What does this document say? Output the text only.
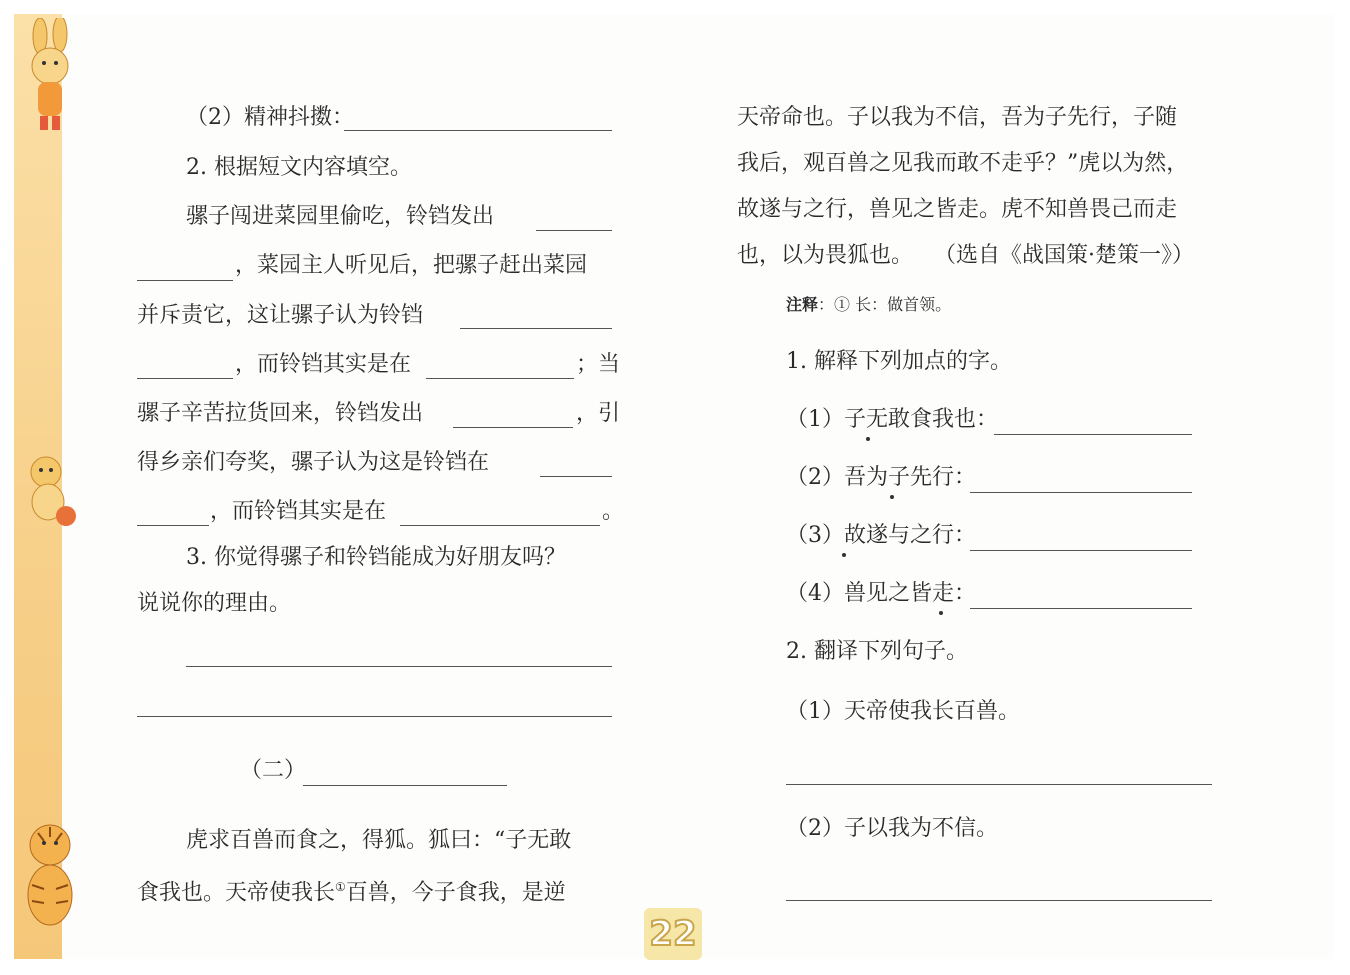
（2）精神抖擞：
2. 根据短文内容填空。
骡子闯进菜园里偷吃，铃铛发出
，菜园主人听见后，把骡子赶出菜园
并斥责它，这让骡子认为铃铛
，而铃铛其实是在	；当
骡子辛苦拉货回来，铃铛发出	，引
得乡亲们夸奖，骡子认为这是铃铛在
，而铃铛其实是在	。
3. 你觉得骡子和铃铛能成为好朋友吗？
说说你的理由。
（二）
虎求百兽而食之，得狐。狐曰：“子无敢
食我也。天帝使我长①百兽，今子食我，是逆
天帝命也。子以我为不信，吾为子先行，子随
我后，观百兽之见我而敢不走乎？”虎以为然，
故遂与之行，兽见之皆走。虎不知兽畏己而走
也，以为畏狐也。 （选自《战国策·楚策一》）
注释：① 长：做首领。
1. 解释下列加点的字。
（1）子无敢食我也：
（2）吾为子先行：
（3）故遂与之行：
（4）兽见之皆走：
2. 翻译下列句子。
（1）天帝使我长百兽。
（2）子以我为不信。
22
